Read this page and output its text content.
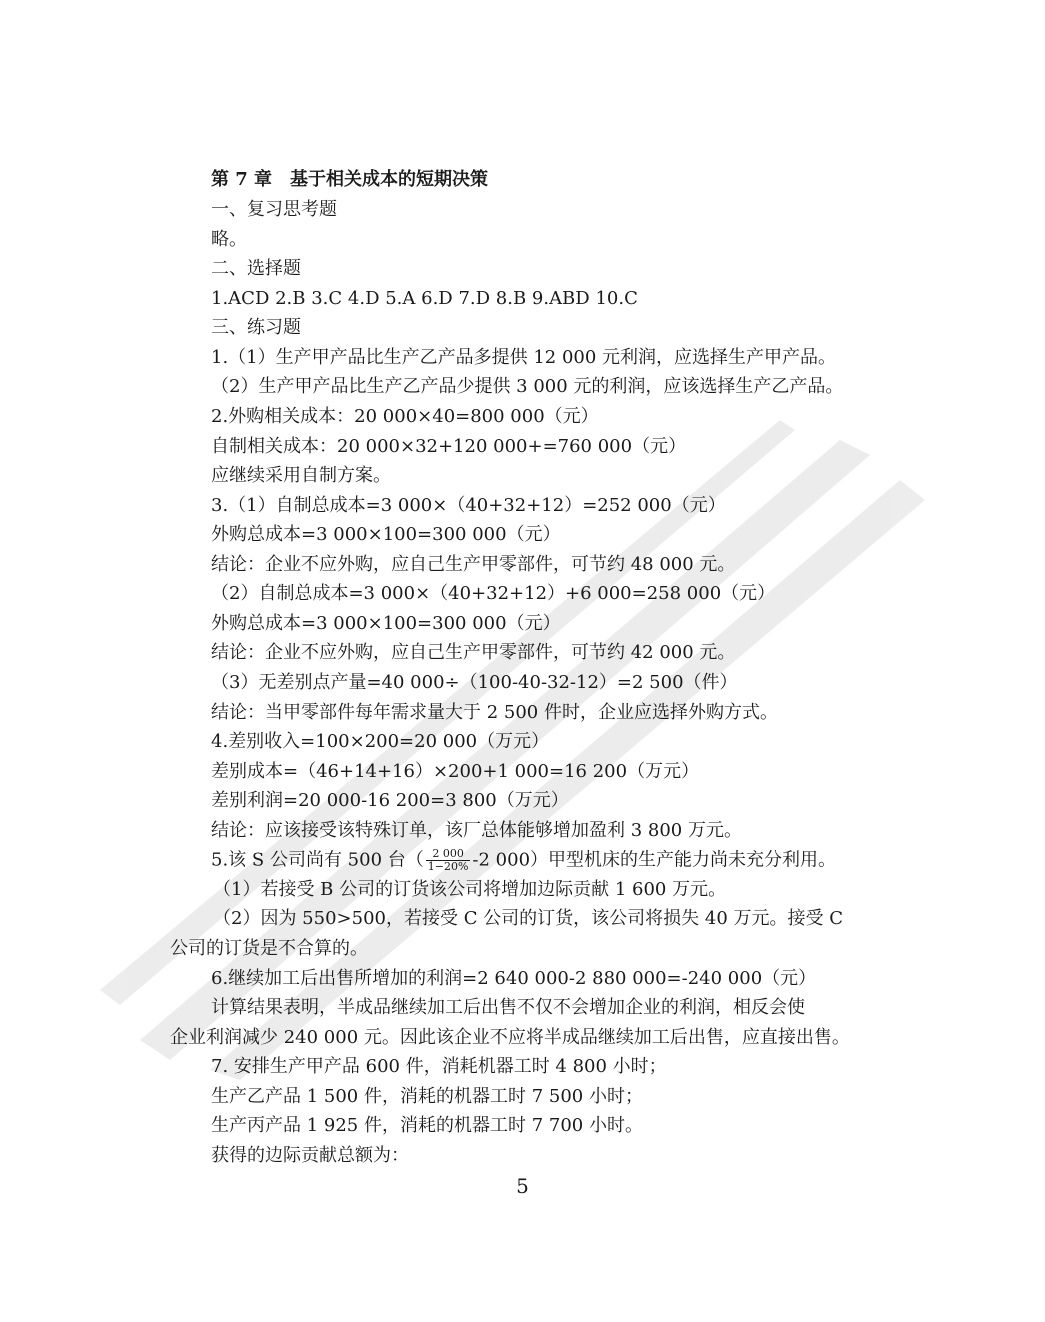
第 7 章　基于相关成本的短期决策
一、复习思考题
略。
二、选择题
1.ACD 2.B 3.C 4.D 5.A 6.D 7.D 8.B 9.ABD 10.C
三、练习题
1.（1）生产甲产品比生产乙产品多提供 12 000 元利润，应选择生产甲产品。
（2）生产甲产品比生产乙产品少提供 3 000 元的利润，应该选择生产乙产品。
2.外购相关成本：20 000×40=800 000（元）
自制相关成本：20 000×32+120 000+=760 000（元）
应继续采用自制方案。
3.（1）自制总成本=3 000×（40+32+12）=252 000（元）
外购总成本=3 000×100=300 000（元）
结论：企业不应外购，应自己生产甲零部件，可节约 48 000 元。
（2）自制总成本=3 000×（40+32+12）+6 000=258 000（元）
外购总成本=3 000×100=300 000（元）
结论：企业不应外购，应自己生产甲零部件，可节约 42 000 元。
（3）无差别点产量=40 000÷（100-40-32-12）=2 500（件）
结论：当甲零部件每年需求量大于 2 500 件时，企业应选择外购方式。
4.差别收入=100×200=20 000（万元）
差别成本=（46+14+16）×200+1 000=16 200（万元）
差别利润=20 000-16 200=3 800（万元）
结论：应该接受该特殊订单，该厂总体能够增加盈利 3 800 万元。
5.该 S 公司尚有 500 台（ $\frac{2 000}{1-20\%} -2$ 000）甲型机床的生产能力尚未充分利用。
（1）若接受 B 公司的订货该公司将增加边际贡献 1 600 万元。
（2）因为 550>500，若接受 C 公司的订货，该公司将损失 40 万元。接受 C
公司的订货是不合算的。
6.继续加工后出售所增加的利润=2 640 000-2 880 000=-240 000（元）
计算结果表明，半成品继续加工后出售不仅不会增加企业的利润，相反会使
企业利润减少 240 000 元。因此该企业不应将半成品继续加工后出售，应直接出售。
7. 安排生产甲产品 600 件，消耗机器工时 4 800 小时；
生产乙产品 1 500 件，消耗的机器工时 7 500 小时；
生产丙产品 1 925 件，消耗的机器工时 7 700 小时。
获得的边际贡献总额为：
5
